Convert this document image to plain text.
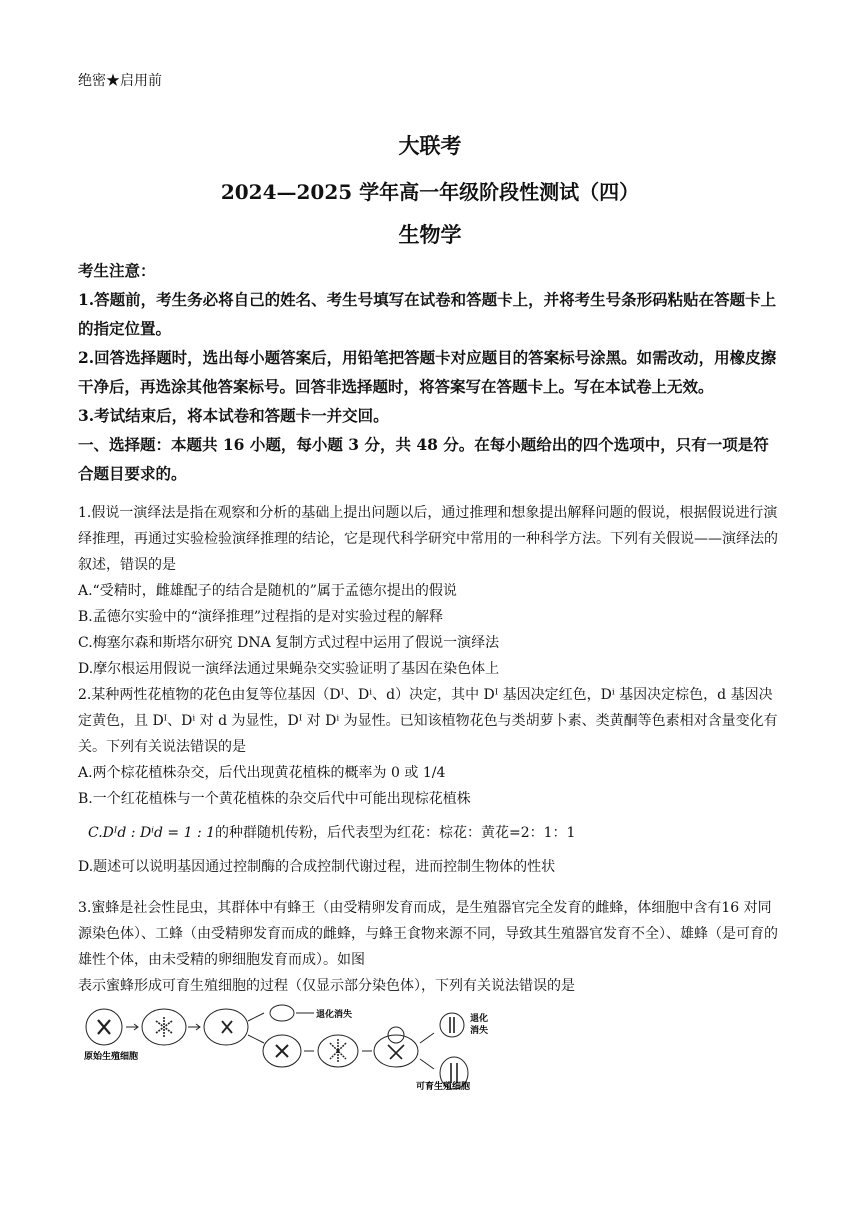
绝密★启用前
大联考
2024—2025 学年高一年级阶段性测试（四）
生物学

考生注意：

1.答题前，考生务必将自己的姓名、考生号填写在试卷和答题卡上，并将考生号条形码粘贴在答题卡上的指定位置。

2.回答选择题时，选出每小题答案后，用铅笔把答题卡对应题目的答案标号涂黑。如需改动，用橡皮擦干净后，再选涂其他答案标号。回答非选择题时，将答案写在答题卡上。写在本试卷上无效。

3.考试结束后，将本试卷和答题卡一并交回。

一、选择题：本题共 16 小题，每小题 3 分，共 48 分。在每小题给出的四个选项中，只有一项是符合题目要求的。

1.假说一演绎法是指在观察和分析的基础上提出问题以后，通过推理和想象提出解释问题的假说，根据假说进行演绎推理，再通过实验检验演绎推理的结论，它是现代科学研究中常用的一种科学方法。下列有关假说——演绎法的叙述，错误的是

A.“受精时，雌雄配子的结合是随机的”属于孟德尔提出的假说

B.孟德尔实验中的“演绎推理”过程指的是对实验过程的解释

C.梅塞尔森和斯塔尔研究 DNA 复制方式过程中运用了假说一演绎法

D.摩尔根运用假说一演绎法通过果蝇杂交实验证明了基因在染色体上

2.某种两性花植物的花色由复等位基因（Dᴵ、Dⁱ、d）决定，其中 Dᴵ 基因决定红色，Dⁱ 基因决定棕色，d 基因决定黄色，且 Dᴵ、Dⁱ 对 d 为显性，Dᴵ 对 Dⁱ 为显性。已知该植物花色与类胡萝卜素、类黄酮等色素相对含量变化有关。下列有关说法错误的是

A.两个棕花植株杂交，后代出现黄花植株的概率为 0 或 1/4

B.一个红花植株与一个黄花植株的杂交后代中可能出现棕花植株

C.Dᴵd : Dⁱd = 1 : 1的种群随机传粉，后代表型为红花：棕花：黄花=2：1：1

D.题述可以说明基因通过控制酶的合成控制代谢过程，进而控制生物体的性状

3.蜜蜂是社会性昆虫，其群体中有蜂王（由受精卵发育而成，是生殖器官完全发育的雌蜂，体细胞中含有16 对同源染色体）、工蜂（由受精卵发育而成的雌蜂，与蜂王食物来源不同，导致其生殖器官发育不全）、雄蜂（是可育的雄性个体，由未受精的卵细胞发育而成）。如图

表示蜜蜂形成可育生殖细胞的过程（仅显示部分染色体），下列有关说法错误的是

原始生殖细胞
退化消失	退化
消失
可育生殖细胞
